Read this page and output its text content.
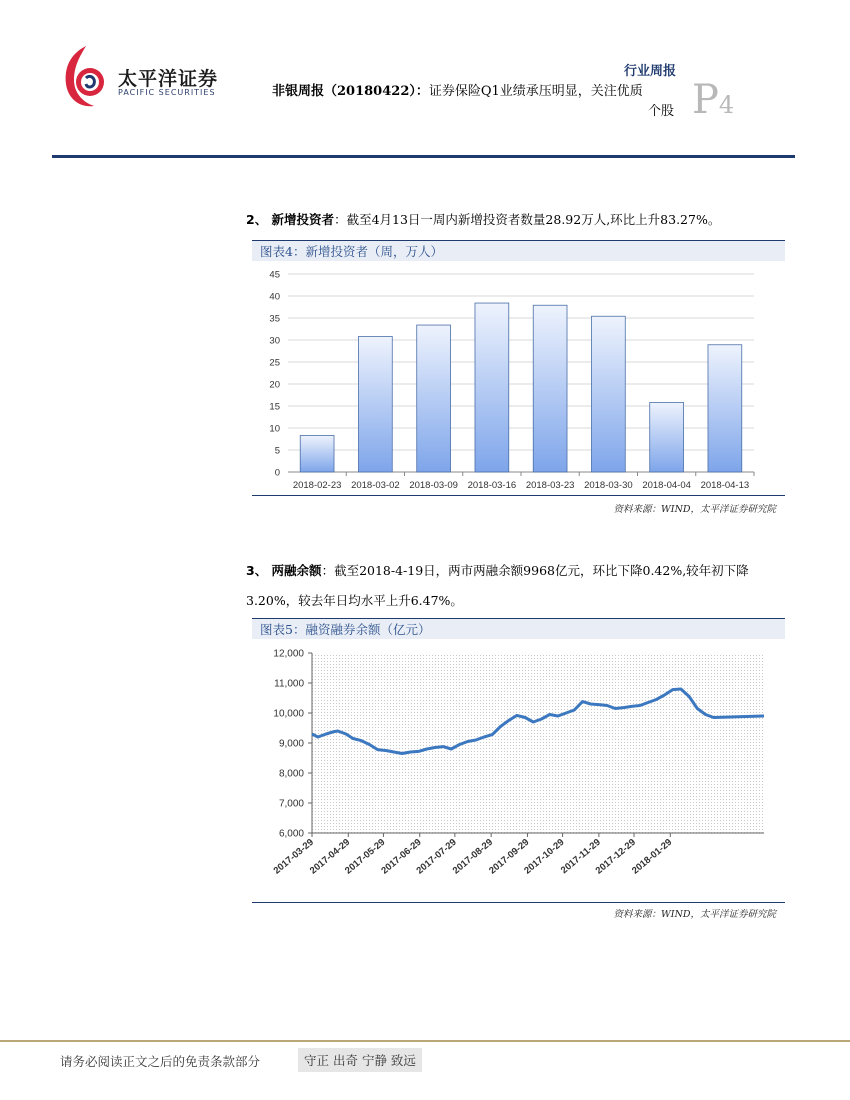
太平洋证券
PACIFIC SECURITIES
行业周报
非银周报（20180422）：证券保险Q1业绩承压明显，关注优质
个股 P4
2、 新增投资者：截至4月13日一周内新增投资者数量28.92万人,环比上升83.27%。
图表4：新增投资者（周，万人）
0
5
10
15
20
25
30
35
40
45
2018-02-23 2018-03-02 2018-03-09 2018-03-16 2018-03-23 2018-03-30 2018-04-04 2018-04-13
资料来源：WIND，太平洋证券研究院
3、 两融余额：截至2018-4-19日，两市两融余额9968亿元，环比下降0.42%,较年初下降3.20%，较去年日均水平上升6.47%。
图表5：融资融券余额（亿元）
6,000
7,000
8,000
9,000
10,000
11,000
12,000
2017-03-29
2017-04-29
2017-05-29
2017-06-29
2017-07-29
2017-08-29
2017-09-29
2017-10-29
2017-11-29
2017-12-29
2018-01-29
资料来源：WIND，太平洋证券研究院
请务必阅读正文之后的免责条款部分	守正 出奇 宁静 致远
